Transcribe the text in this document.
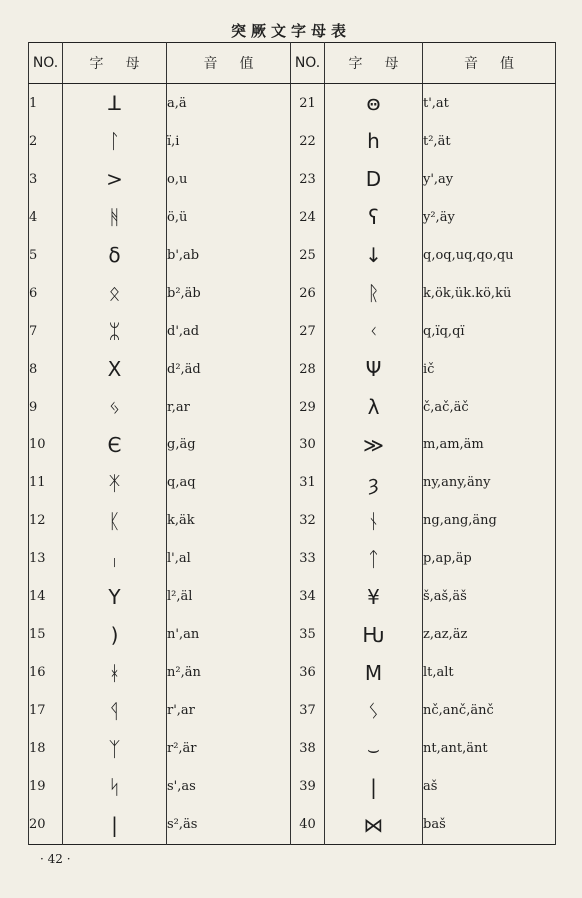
突厥文字母表
NO.	字母	音值	NO.	字母	音值
1	ꓕ	a,ä	21	ꙫ	t',at
2	ᛚ	ï,i	22	h	t²,ät
3	>	o,u	23	D	y',ay
4	ᚻ	ö,ü	24	ʕ	y²,äy
5	δ	b',ab	25	↓	q,oq,uq,qo,qu
6	ᛟ	b²,äb	26	ᚱ	k,ök,ük.kö,kü
7	ᛯ	d',ad	27	ᚲ	q,ïq,qï
8	X	d²,äd	28	Ψ	ič
9	ᛃ	r,ar	29	λ	č,ač,äč
10	Є	g,äg	30	≫	m,am,äm
11	ᛡ	q,aq	31	ȝ	ny,any,äny
12	ᛕ	k,äk	32	ᚾ	ng,ang,äng
13	ᛧ	l',al	33	ᛏ	p,ap,äp
14	Y	l²,äl	34	¥	š,aš,äš
15	)	n',an	35	Ƕ	z,az,äz
16	ᚼ	n²,än	36	M	lt,alt
17	ᛩ	r',ar	37	ᛊ	nč,anč,änč
18	ᛉ	r²,är	38	⌣	nt,ant,änt
19	ᛋ	s',as	39	|	aš
20	|	s²,äs	40	⋈	baš
· 42 ·
